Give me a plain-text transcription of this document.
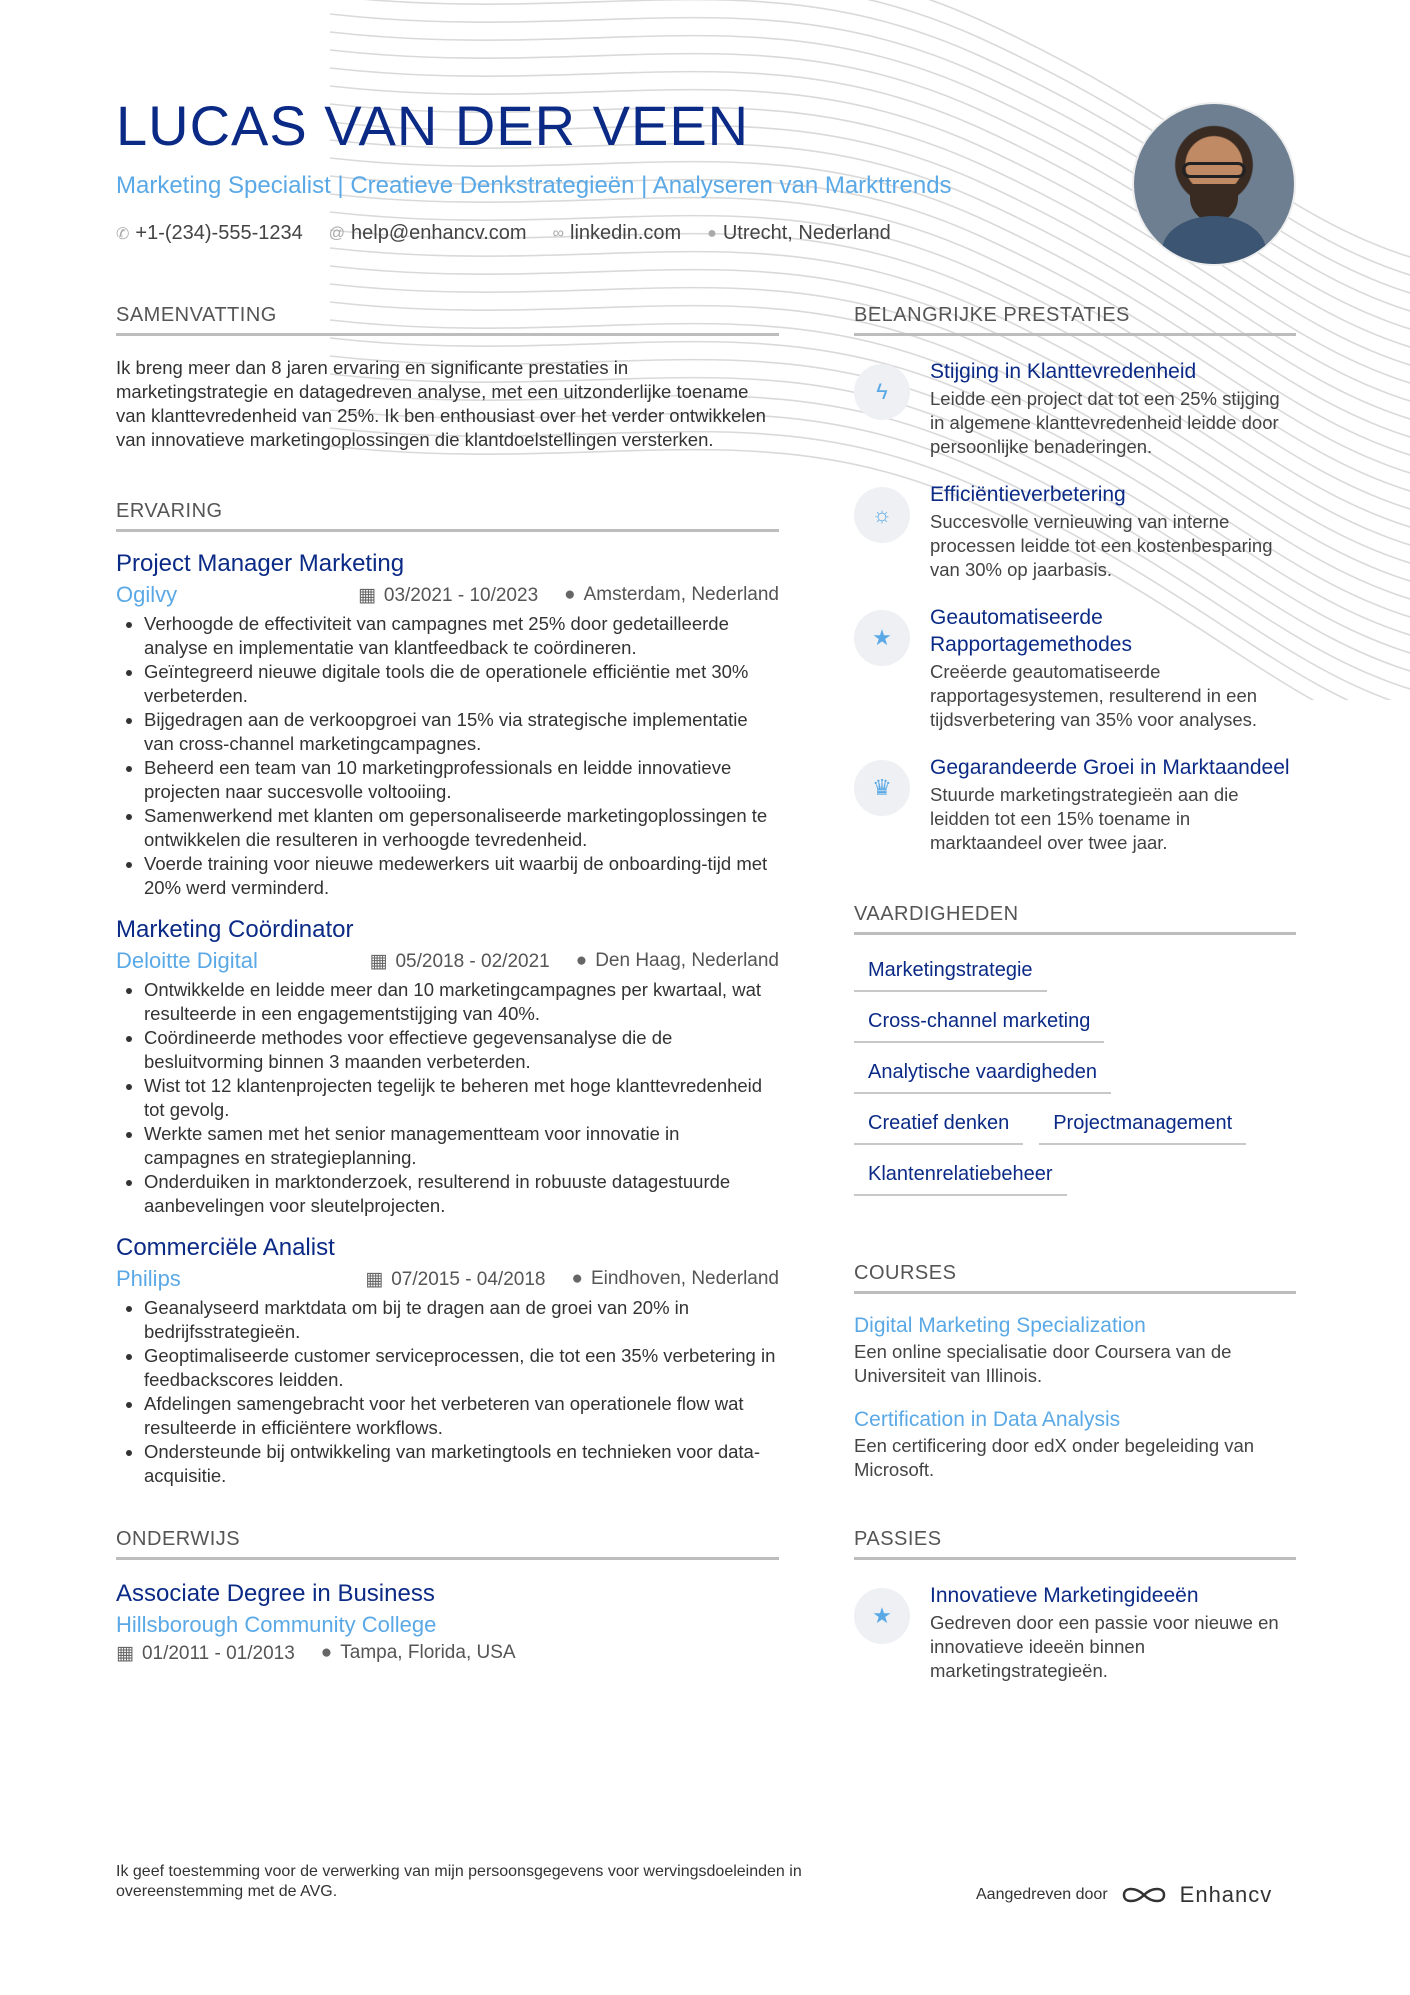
LUCAS VAN DER VEEN
Marketing Specialist | Creatieve Denkstrategieën | Analyseren van Markttrends
✆ +1-(234)-555-1234 @ help@enhancv.com ∞ linkedin.com ● Utrecht, Nederland
SAMENVATTING
Ik breng meer dan 8 jaren ervaring en significante prestaties in marketingstrategie en datagedreven analyse, met een uitzonderlijke toename van klanttevredenheid van 25%. Ik ben enthousiast over het verder ontwikkelen van innovatieve marketingoplossingen die klantdoelstellingen versterken.
ERVARING
Project Manager Marketing
Ogilvy	▦ 03/2021 - 10/2023 ● Amsterdam, Nederland
• Verhoogde de effectiviteit van campagnes met 25% door gedetailleerde analyse en implementatie van klantfeedback te coördineren.
• Geïntegreerd nieuwe digitale tools die de operationele efficiëntie met 30% verbeterden.
• Bijgedragen aan de verkoopgroei van 15% via strategische implementatie van cross-channel marketingcampagnes.
• Beheerd een team van 10 marketingprofessionals en leidde innovatieve projecten naar succesvolle voltooiing.
• Samenwerkend met klanten om gepersonaliseerde marketingoplossingen te ontwikkelen die resulteren in verhoogde tevredenheid.
• Voerde training voor nieuwe medewerkers uit waarbij de onboarding-tijd met 20% werd verminderd.
Marketing Coördinator
Deloitte Digital	▦ 05/2018 - 02/2021 ● Den Haag, Nederland
• Ontwikkelde en leidde meer dan 10 marketingcampagnes per kwartaal, wat resulteerde in een engagementstijging van 40%.
• Coördineerde methodes voor effectieve gegevensanalyse die de besluitvorming binnen 3 maanden verbeterden.
• Wist tot 12 klantenprojecten tegelijk te beheren met hoge klanttevredenheid tot gevolg.
• Werkte samen met het senior managementteam voor innovatie in campagnes en strategieplanning.
• Onderduiken in marktonderzoek, resulterend in robuuste datagestuurde aanbevelingen voor sleutelprojecten.
Commerciële Analist
Philips	▦ 07/2015 - 04/2018 ● Eindhoven, Nederland
• Geanalyseerd marktdata om bij te dragen aan de groei van 20% in bedrijfsstrategieën.
• Geoptimaliseerde customer serviceprocessen, die tot een 35% verbetering in feedbackscores leidden.
• Afdelingen samengebracht voor het verbeteren van operationele flow wat resulteerde in efficiëntere workflows.
• Ondersteunde bij ontwikkeling van marketingtools en technieken voor data-acquisitie.
ONDERWIJS
Associate Degree in Business
Hillsborough Community College
▦ 01/2011 - 01/2013 ● Tampa, Florida, USA
BELANGRIJKE PRESTATIES
ϟ
Stijging in Klanttevredenheid
Leidde een project dat tot een 25% stijging in algemene klanttevredenheid leidde door persoonlijke benaderingen.
☼
Efficiëntieverbetering
Succesvolle vernieuwing van interne processen leidde tot een kostenbesparing van 30% op jaarbasis.
★
Geautomatiseerde Rapportagemethodes
Creëerde geautomatiseerde rapportagesystemen, resulterend in een tijdsverbetering van 35% voor analyses.
♛
Gegarandeerde Groei in Marktaandeel
Stuurde marketingstrategieën aan die leidden tot een 15% toename in marktaandeel over twee jaar.
VAARDIGHEDEN
Marketingstrategie
Cross-channel marketing
Analytische vaardigheden
Creatief denken	Projectmanagement
Klantenrelatiebeheer
COURSES
Digital Marketing Specialization
Een online specialisatie door Coursera van de Universiteit van Illinois.
Certification in Data Analysis
Een certificering door edX onder begeleiding van Microsoft.
PASSIES
★
Innovatieve Marketingideeën
Gedreven door een passie voor nieuwe en innovatieve ideeën binnen marketingstrategieën.
Ik geef toestemming voor de verwerking van mijn persoonsgegevens voor wervingsdoeleinden in overeenstemming met de AVG.	Aangedreven door	Enhancv
